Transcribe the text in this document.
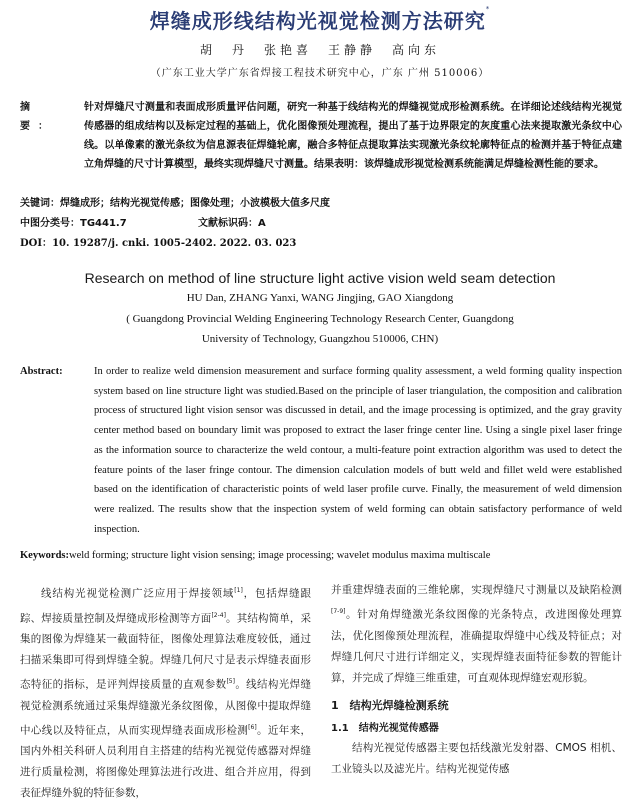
焊缝成形线结构光视觉检测方法研究*
胡　丹　张艳喜　王静静　高向东
（广东工业大学广东省焊接工程技术研究中心，广东 广州 510006）
摘　要：
针对焊缝尺寸测量和表面成形质量评估问题，研究一种基于线结构光的焊缝视觉成形检测系统。在详细论述线结构光视觉传感器的组成结构以及标定过程的基础上，优化图像预处理流程，提出了基于边界限定的灰度重心法来提取激光条纹中心线。以单像素的激光条纹为信息源表征焊缝轮廓，融合多特征点提取算法实现激光条纹轮廓特征点的检测并基于特征点建立角焊缝的尺寸计算模型，最终实现焊缝尺寸测量。结果表明：该焊缝成形视觉检测系统能满足焊缝检测性能的要求。
关键词：焊缝成形；结构光视觉传感；图像处理；小波模极大值多尺度
中图分类号：TG441.7	文献标识码：A
DOI：10. 19287/j. cnki. 1005-2402. 2022. 03. 023
Research on method of line structure light active vision weld seam detection
HU Dan, ZHANG Yanxi, WANG Jingjing, GAO Xiangdong
( Guangdong Provincial Welding Engineering Technology Research Center, Guangdong
University of Technology, Guangzhou 510006, CHN)
Abstract:	In order to realize weld dimension measurement and surface forming quality assessment, a weld forming quality inspection system based on line structure light was studied.Based on the principle of laser triangulation, the composition and calibration process of structured light vision sensor was discussed in detail, and the image processing is optimized, and the gray gravity center method based on boundary limit was proposed to extract the laser fringe center line. Using a single pixel laser fringe as the information source to characterize the weld contour, a multi-feature point extraction algorithm was used to detect the feature points of the laser fringe contour. The dimension calculation models of butt weld and fillet weld were established based on the identification of characteristic points of weld laser profile curve. Finally, the measurement of weld dimension were realized. The results show that the inspection system of weld forming can obtain satisfactory performance of weld inspection.
Keywords:weld forming; structure light vision sensing; image processing; wavelet modulus maxima multiscale

线结构光视觉检测广泛应用于焊接领域[1]，包括焊缝跟踪、焊接质量控制及焊缝成形检测等方面[2-4]。其结构简单，采集的图像为焊缝某一截面特征，图像处理算法难度较低，通过扫描采集即可得到焊缝全貌。焊缝几何尺寸是表示焊缝表面形态特征的指标，是评判焊接质量的直观参数[5]。线结构光焊缝视觉检测系统通过采集焊缝激光条纹图像，从图像中提取焊缝中心线以及特征点，从而实现焊缝表面成形检测[6]。近年来，国内外相关科研人员利用自主搭建的结构光视觉传感器对焊缝进行质量检测，将图像处理算法进行改进、组合并应用，得到表征焊缝外貌的特征参数，

并重建焊缝表面的三维轮廓，实现焊缝尺寸测量以及缺陷检测[7-9]。针对角焊缝激光条纹图像的光条特点，改进图像处理算法，优化图像预处理流程，准确提取焊缝中心线及特征点；对焊缝几何尺寸进行详细定义，实现焊缝表面特征参数的智能计算，并完成了焊缝三维重建，可直观体现焊缝宏观形貌。

1　结构光焊缝检测系统

1.1　结构光视觉传感器

结构光视觉传感器主要包括线激光发射器、CMOS 相机、工业镜头以及滤光片。结构光视觉传感
